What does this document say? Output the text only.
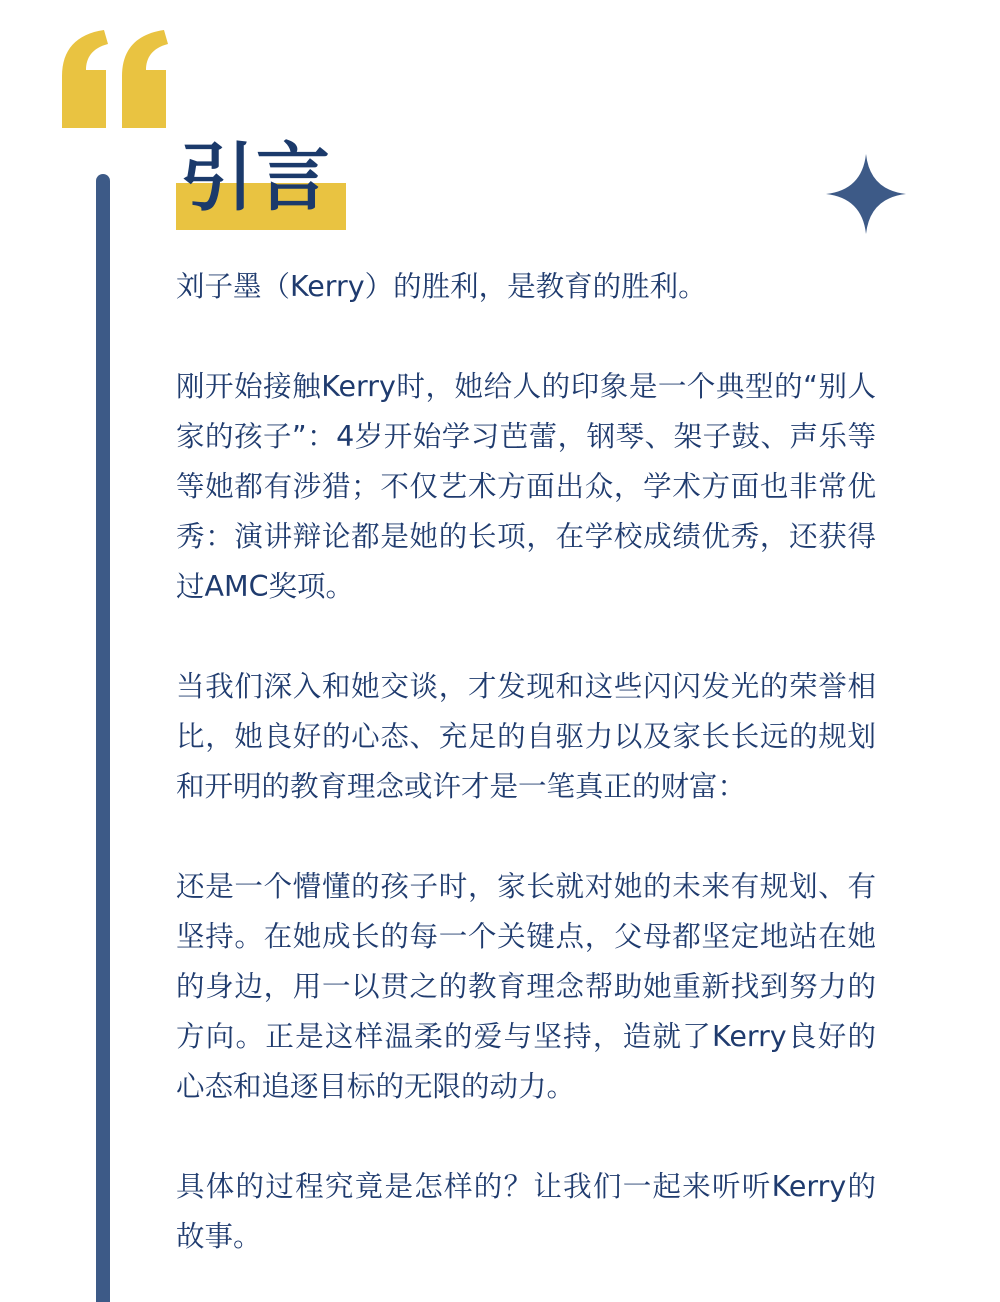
引言

刘子墨（Kerry）的胜利，是教育的胜利。

刚开始接触Kerry时，她给人的印象是一个典型的“别人家的孩子”：4岁开始学习芭蕾，钢琴、架子鼓、声乐等等她都有涉猎；不仅艺术方面出众，学术方面也非常优秀：演讲辩论都是她的长项，在学校成绩优秀，还获得过AMC奖项。

当我们深入和她交谈，才发现和这些闪闪发光的荣誉相比，她良好的心态、充足的自驱力以及家长长远的规划和开明的教育理念或许才是一笔真正的财富：

还是一个懵懂的孩子时，家长就对她的未来有规划、有坚持。在她成长的每一个关键点，父母都坚定地站在她的身边，用一以贯之的教育理念帮助她重新找到努力的方向。正是这样温柔的爱与坚持，造就了Kerry良好的心态和追逐目标的无限的动力。

具体的过程究竟是怎样的？让我们一起来听听Kerry的故事。
